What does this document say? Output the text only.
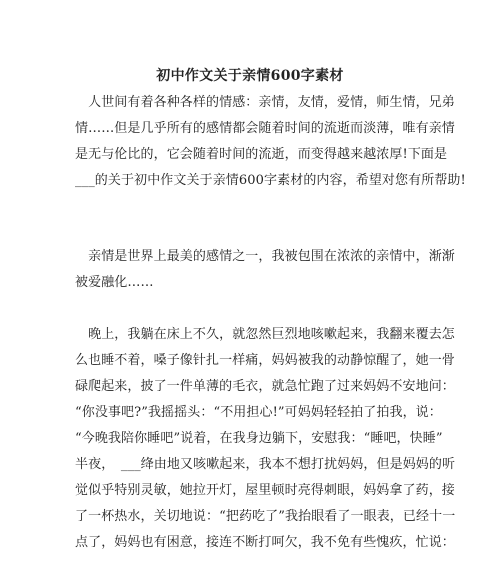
初中作文关于亲情600字素材
　人世间有着各种各样的情感：亲情，友情，爱情，师生情，兄弟
情……但是几乎所有的感情都会随着时间的流逝而淡薄，唯有亲情
是无与伦比的，它会随着时间的流逝，而变得越来越浓厚!下面是
___的关于初中作文关于亲情600字素材的内容，希望对您有所帮助!
　亲情是世界上最美的感情之一，我被包围在浓浓的亲情中，渐渐
被爱融化……
　晚上，我躺在床上不久，就忽然巨烈地咳嗽起来，我翻来覆去怎
么也睡不着，嗓子像针扎一样痛，妈妈被我的动静惊醒了，她一骨
碌爬起来，披了一件单薄的毛衣，就急忙跑了过来妈妈不安地问：
“你没事吧?”我摇摇头：“不用担心!”可妈妈轻轻拍了拍我，说：
“今晚我陪你睡吧”说着，在我身边躺下，安慰我：“睡吧，快睡”
半夜，　___绛由地又咳嗽起来，我本不想打扰妈妈，但是妈妈的听
觉似乎特别灵敏，她拉开灯，屋里顿时亮得刺眼，妈妈拿了药，接
了一杯热水，关切地说：“把药吃了”我抬眼看了一眼表，已经十一
点了，妈妈也有困意，接连不断打呵欠，我不免有些愧疚，忙说：
